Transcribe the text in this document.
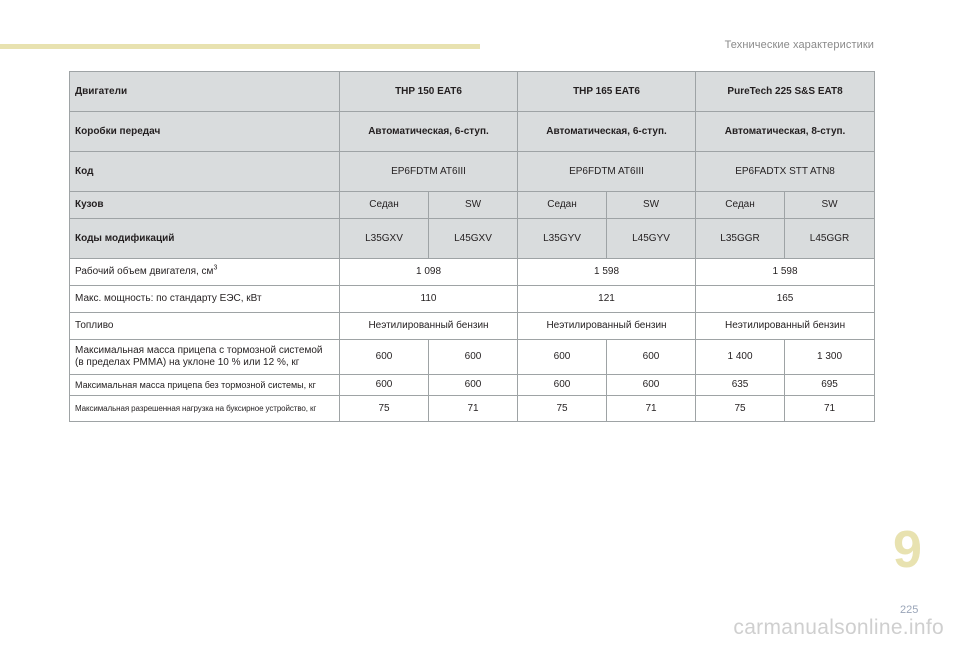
Технические характеристики
Двигатели	THP 150 EAT6		THP 165 EAT6		PureTech 225 S&S EAT8	
Коробки передач	Автоматическая, 6-ступ.		Автоматическая, 6-ступ.		Автоматическая, 8-ступ.	
Код	EP6FDTM AT6III		EP6FDTM AT6III		EP6FADTX STT ATN8	
Кузов	Седан	SW	Седан	SW	Седан	SW
Коды модификаций	L35GXV	L45GXV	L35GYV	L45GYV	L35GGR	L45GGR
Рабочий объем двигателя, $см^3$	1 098		1 598		1 598	
Макс. мощность: по стандарту ЕЭС, кВт	110		121		165	
Топливо	Неэтилированный бензин		Неэтилированный бензин		Неэтилированный бензин	

Максимальная масса прицепа с тормозной системой
(в пределах РММА) на уклоне 10 % или 12 %, кг	600	600	600	600	1 400	1 300
Максимальная масса прицепа без тормозной системы, кг	600	600	600	600	635	695
Максимальная разрешенная нагрузка на буксирное устройство, кг	75	71	75	71	75	71
9
225
carmanualsonline.info
